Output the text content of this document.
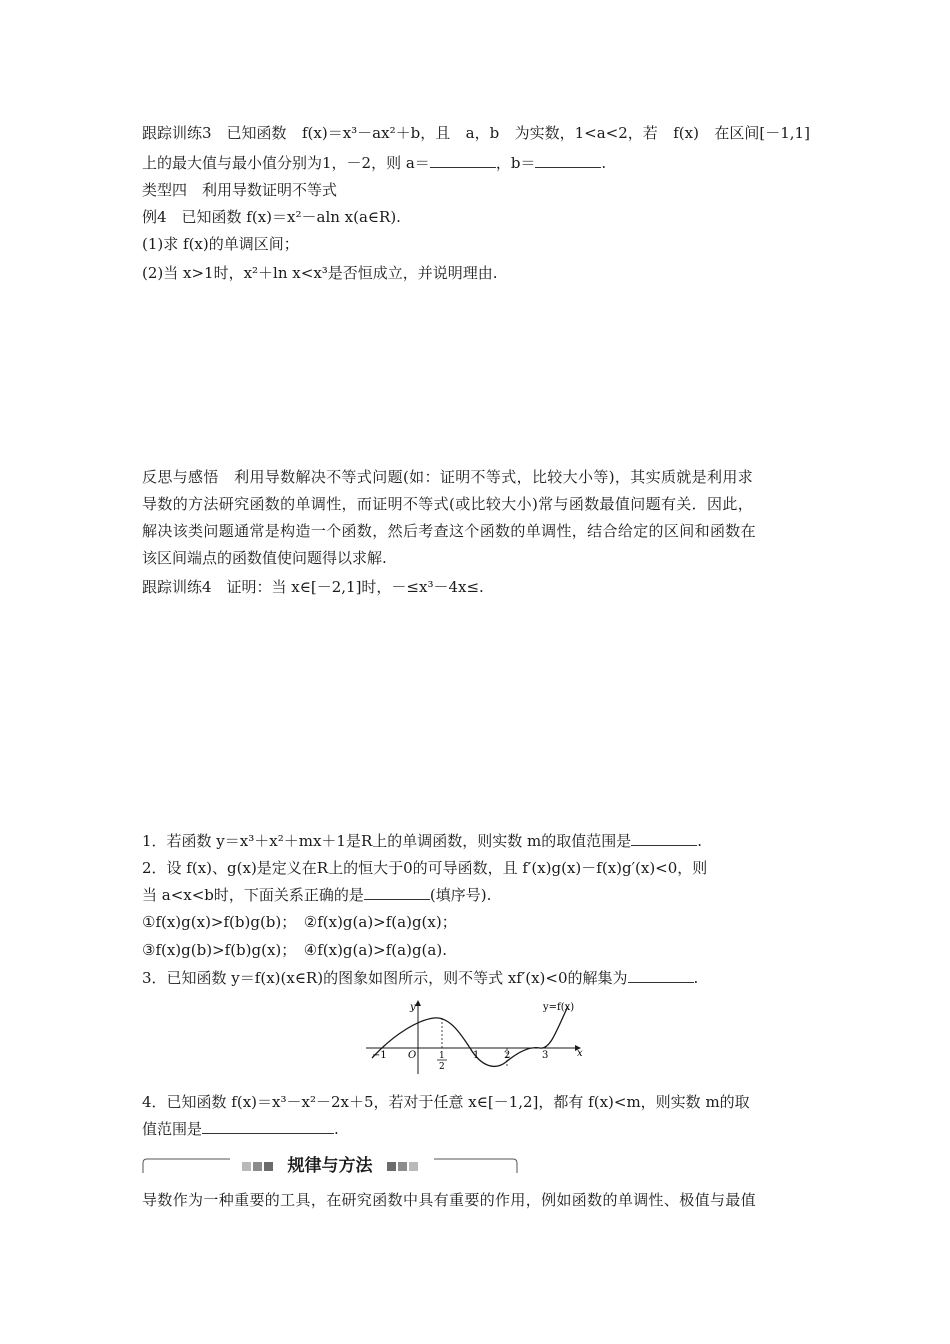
跟踪训练3　已知函数 f(x)＝x³－ax²＋b，且 a，b 为实数，1<a<2，若 f(x) 在区间[－1,1]
上的最大值与最小值分别为1，－2，则 a＝	，b＝	.
类型四　利用导数证明不等式
例4　已知函数 f(x)＝x²－aln x(a∈R).
(1)求 f(x)的单调区间；
(2)当 x>1时，x²＋ln x<x³是否恒成立，并说明理由.
反思与感悟　利用导数解决不等式问题(如：证明不等式，比较大小等)，其实质就是利用求
导数的方法研究函数的单调性，而证明不等式(或比较大小)常与函数最值问题有关．因此，
解决该类问题通常是构造一个函数，然后考查这个函数的单调性，结合给定的区间和函数在
该区间端点的函数值使问题得以求解.
跟踪训练4　证明：当 x∈[－2,1]时，－≤x³－4x≤.
1．若函数 y＝x³＋x²＋mx＋1是R上的单调函数，则实数 m的取值范围是	.
2．设 f(x)、g(x)是定义在R上的恒大于0的可导函数，且 f′(x)g(x)－f(x)g′(x)<0，则
当 a<x<b时，下面关系正确的是	(填序号).
①f(x)g(x)>f(b)g(b)；　②f(x)g(a)>f(a)g(x)；
③f(x)g(b)>f(b)g(x)；　④f(x)g(a)>f(a)g(a).
3．已知函数 y＝f(x)(x∈R)的图象如图所示，则不等式 xf′(x)<0的解集为	.
y
x
y=f(x)
O
−1	1 2	3
1
2
4．已知函数 f(x)＝x³－x²－2x＋5，若对于任意 x∈[－1,2]，都有 f(x)<m，则实数 m的取
值范围是	.
规律与方法
导数作为一种重要的工具，在研究函数中具有重要的作用，例如函数的单调性、极值与最值
